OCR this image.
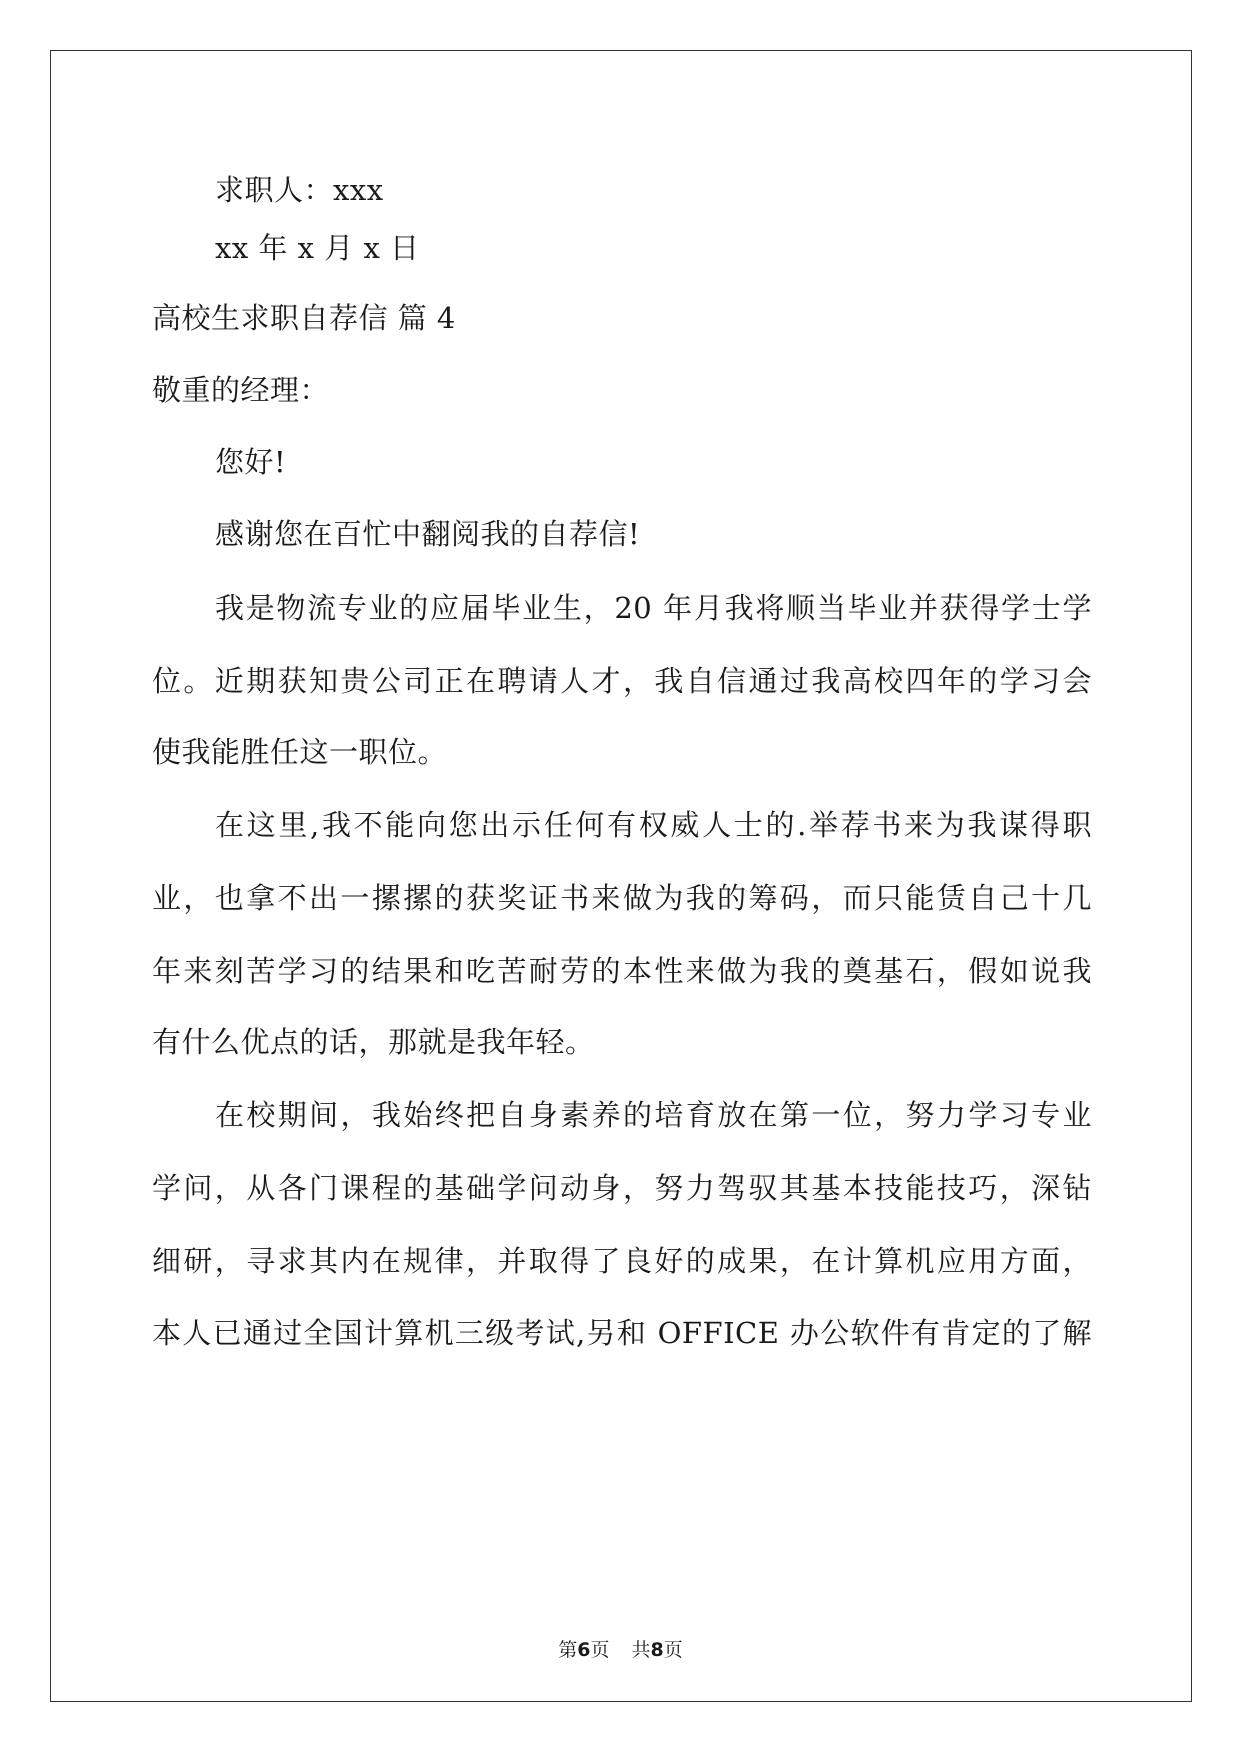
求职人：xxx
xx 年 x 月 x 日
高校生求职自荐信 篇 4
敬重的经理：
您好!
感谢您在百忙中翻阅我的自荐信!
我是物流专业的应届毕业生，20 年月我将顺当毕业并获得学士学
位。近期获知贵公司正在聘请人才，我自信通过我高校四年的学习会
使我能胜任这一职位。
在这里,我不能向您出示任何有权威人士的.举荐书来为我谋得职
业，也拿不出一摞摞的获奖证书来做为我的筹码，而只能赁自己十几
年来刻苦学习的结果和吃苦耐劳的本性来做为我的奠基石，假如说我
有什么优点的话，那就是我年轻。
在校期间，我始终把自身素养的培育放在第一位，努力学习专业
学问，从各门课程的基础学问动身，努力驾驭其基本技能技巧，深钻
细研，寻求其内在规律，并取得了良好的成果，在计算机应用方面，
本人已通过全国计算机三级考试,另和 OFFICE 办公软件有肯定的了解
第6页 共8页
